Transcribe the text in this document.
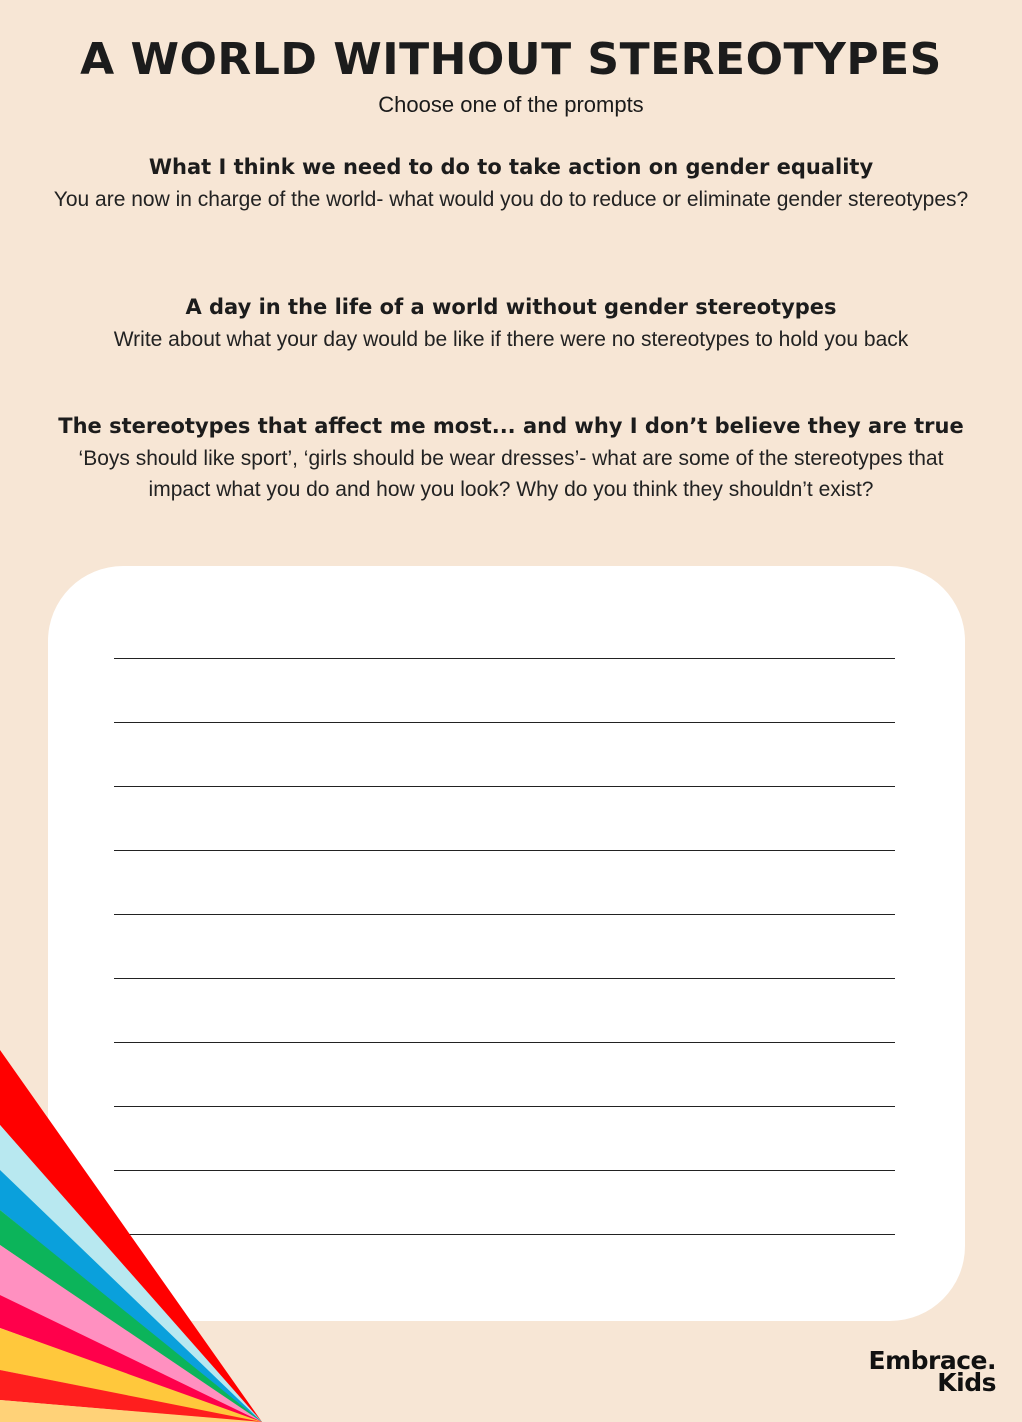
A WORLD WITHOUT STEREOTYPES

Choose one of the prompts

What I think we need to do to take action on gender equality

You are now in charge of the world- what would you do to reduce or eliminate gender stereotypes?

A day in the life of a world without gender stereotypes

Write about what your day would be like if there were no stereotypes to hold you back

The stereotypes that affect me most... and why I don’t believe they are true

‘Boys should like sport’, ‘girls should be wear dresses’- what are some of the stereotypes that impact what you do and how you look? Why do you think they shouldn’t exist?

Embrace.
Kids
